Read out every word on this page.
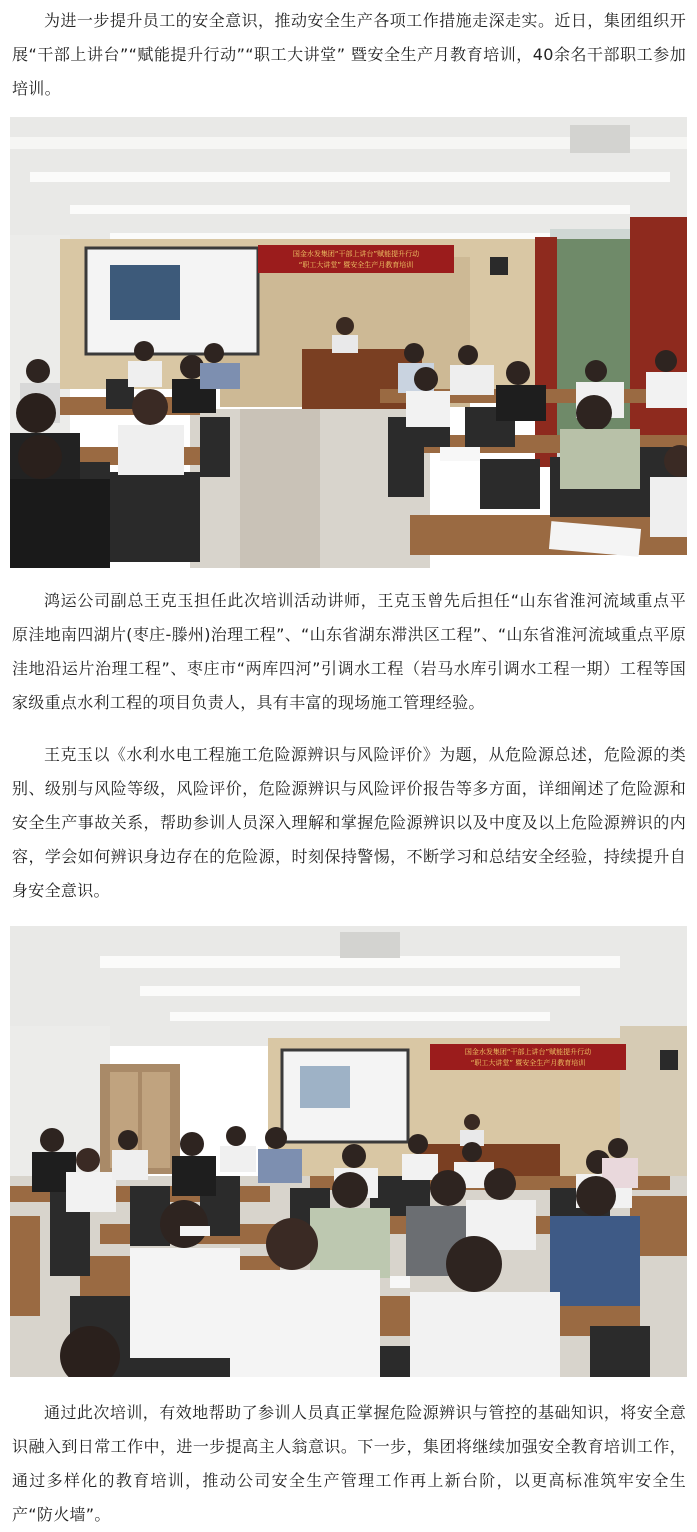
为进一步提升员工的安全意识，推动安全生产各项工作措施走深走实。近日，集团组织开展“干部上讲台”“赋能提升行动”“职工大讲堂” 暨安全生产月教育培训，40余名干部职工参加培训。

国金水发集团“干部上讲台”赋能提升行动
“职工大讲堂” 暨安全生产月教育培训

鸿运公司副总王克玉担任此次培训活动讲师，王克玉曾先后担任“山东省淮河流域重点平原洼地南四湖片(枣庄-滕州)治理工程”、“山东省湖东滞洪区工程”、“山东省淮河流域重点平原洼地沿运片治理工程”、枣庄市“两库四河”引调水工程（岩马水库引调水工程一期）工程等国家级重点水利工程的项目负责人，具有丰富的现场施工管理经验。

王克玉以《水利水电工程施工危险源辨识与风险评价》为题，从危险源总述，危险源的类别、级别与风险等级，风险评价，危险源辨识与风险评价报告等多方面，详细阐述了危险源和安全生产事故关系，帮助参训人员深入理解和掌握危险源辨识以及中度及以上危险源辨识的内容，学会如何辨识身边存在的危险源，时刻保持警惕，不断学习和总结安全经验，持续提升自身安全意识。

国金水发集团“干部上讲台”赋能提升行动
“职工大讲堂” 暨安全生产月教育培训

通过此次培训，有效地帮助了参训人员真正掌握危险源辨识与管控的基础知识，将安全意识融入到日常工作中，进一步提高主人翁意识。下一步，集团将继续加强安全教育培训工作，通过多样化的教育培训，推动公司安全生产管理工作再上新台阶，以更高标准筑牢安全生产“防火墙”。
